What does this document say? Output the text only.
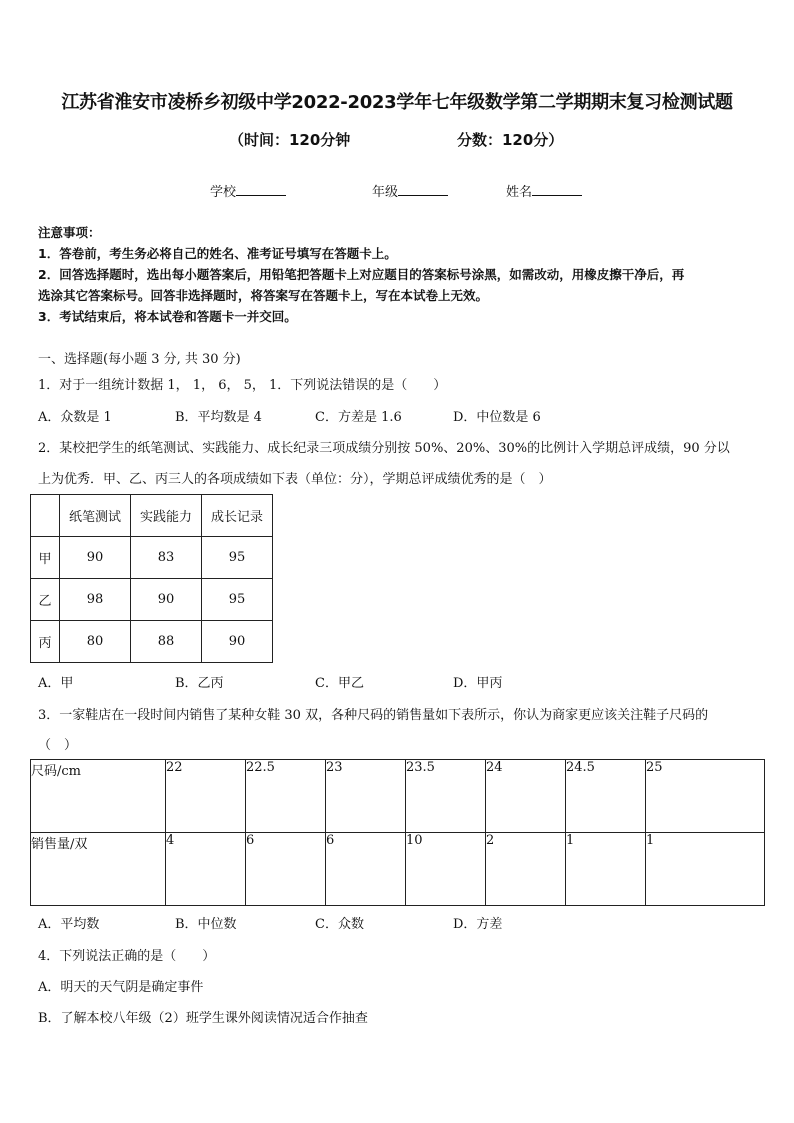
江苏省淮安市凌桥乡初级中学2022-2023学年七年级数学第二学期期末复习检测试题
（时间：120分钟	分数：120分）
学校	年级	姓名
注意事项：
1．答卷前，考生务必将自己的姓名、准考证号填写在答题卡上。
2．回答选择题时，选出每小题答案后，用铅笔把答题卡上对应题目的答案标号涂黑，如需改动，用橡皮擦干净后，再
选涂其它答案标号。回答非选择题时，将答案写在答题卡上，写在本试卷上无效。
3．考试结束后，将本试卷和答题卡一并交回。
一、选择题(每小题 3 分, 共 30 分)
1．对于一组统计数据 1， 1， 6， 5， 1．下列说法错误的是（　　）
A．众数是 1	B．平均数是 4	C．方差是 1.6	D．中位数是 6
2．某校把学生的纸笔测试、实践能力、成长纪录三项成绩分别按 50%、20%、30%的比例计入学期总评成绩，90 分以
上为优秀．甲、乙、丙三人的各项成绩如下表（单位：分），学期总评成绩优秀的是（　）
	纸笔测试	实践能力	成长记录
甲	90	83	95
乙	98	90	95
丙	80	88	90
A．甲	B．乙丙	C．甲乙	D．甲丙
3．一家鞋店在一段时间内销售了某种女鞋 30 双，各种尺码的销售量如下表所示，你认为商家更应该关注鞋子尺码的
（　）
尺码/cm	22	22.5	23	23.5	24	24.5	25
销售量/双	4	6	6	10	2	1	1
A．平均数	B．中位数	C．众数	D．方差
4．下列说法正确的是（　　）
A．明天的天气阴是确定事件
B．了解本校八年级（2）班学生课外阅读情况适合作抽查
